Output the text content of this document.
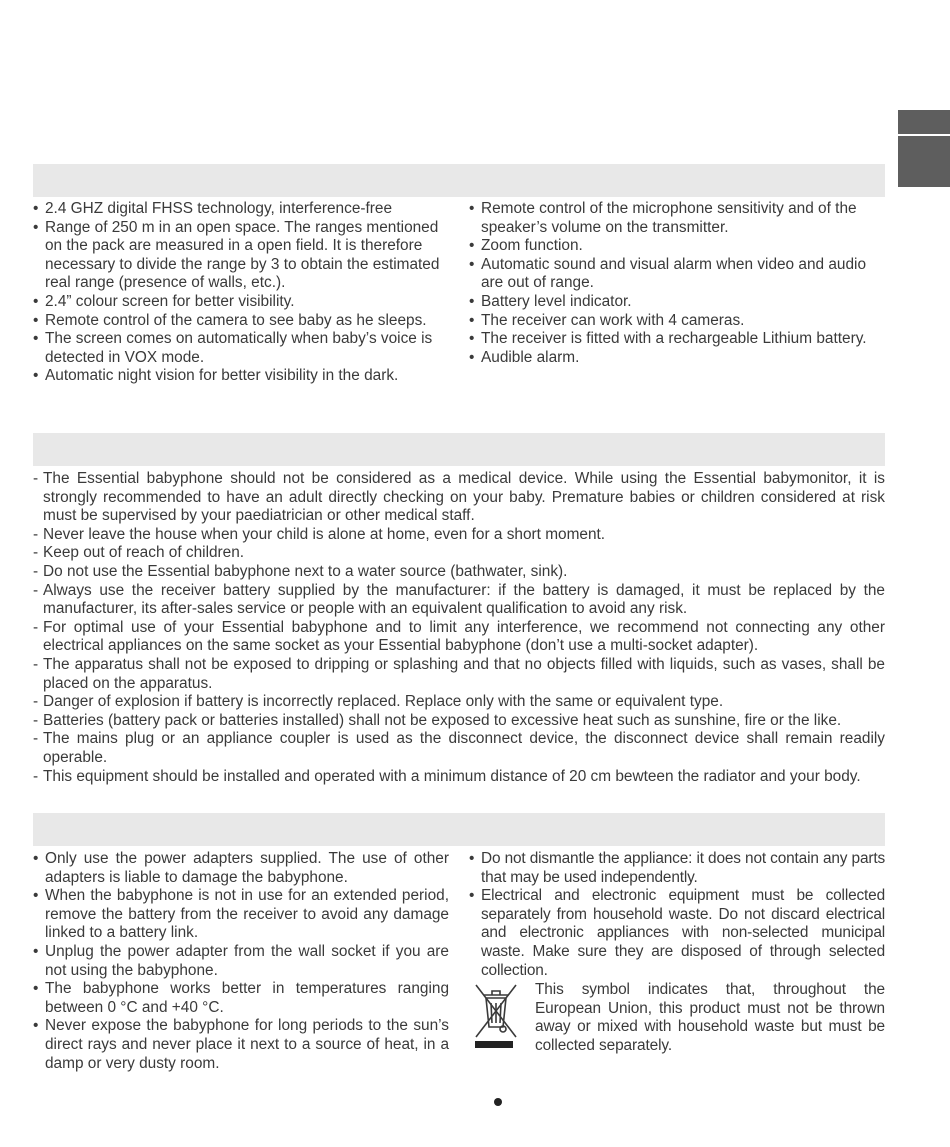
• 2.4 GHZ digital FHSS technology, interference-free
• Range of 250 m in an open space. The ranges mentioned on the pack are measured in a open field. It is therefore necessary to divide the range by 3 to obtain the estimated real range (presence of walls, etc.).
• 2.4” colour screen for better visibility.
• Remote control of the camera to see baby as he sleeps.
• The screen comes on automatically when baby’s voice is detected in VOX mode.
• Automatic night vision for better visibility in the dark.
• Remote control of the microphone sensitivity and of the speaker’s volume on the transmitter.
• Zoom function.
• Automatic sound and visual alarm when video and audio are out of range.
• Battery level indicator.
• The receiver can work with 4 cameras.
• The receiver is fitted with a rechargeable Lithium battery.
• Audible alarm.
- The Essential babyphone should not be considered as a medical device. While using the Essential babymonitor, it is strongly recommended to have an adult directly checking on your baby. Premature babies or children considered at risk must be supervised by your paediatrician or other medical staff.
- Never leave the house when your child is alone at home, even for a short moment.
- Keep out of reach of children.
- Do not use the Essential babyphone next to a water source (bathwater, sink).
- Always use the receiver battery supplied by the manufacturer: if the battery is damaged, it must be replaced by the manufacturer, its after-sales service or people with an equivalent qualification to avoid any risk.
- For optimal use of your Essential babyphone and to limit any interference, we recommend not connecting any other electrical appliances on the same socket as your Essential babyphone (don’t use a multi-socket adapter).
- The apparatus shall not be exposed to dripping or splashing and that no objects filled with liquids, such as vases, shall be placed on the apparatus.
- Danger of explosion if battery is incorrectly replaced. Replace only with the same or equivalent type.
- Batteries (battery pack or batteries installed) shall not be exposed to excessive heat such as sunshine, fire or the like.
- The mains plug or an appliance coupler is used as the disconnect device, the disconnect device shall remain readily operable.
- This equipment should be installed and operated with a minimum distance of 20 cm bewteen the radiator and your body.
• Only use the power adapters supplied. The use of other adapters is liable to damage the babyphone.
• When the babyphone is not in use for an extended period, remove the battery from the receiver to avoid any damage linked to a battery link.
• Unplug the power adapter from the wall socket if you are not using the babyphone.
• The babyphone works better in temperatures ranging between 0 °C and +40 °C.
• Never expose the babyphone for long periods to the sun’s direct rays and never place it next to a source of heat, in a damp or very dusty room.
• Do not dismantle the appliance: it does not contain any parts that may be used independently.
• Electrical and electronic equipment must be collected separately from household waste. Do not discard electrical and electronic appliances with non-selected municipal waste. Make sure they are disposed of through selected collection.
This symbol indicates that, throughout the European Union, this product must not be thrown away or mixed with household waste but must be collected separately.
